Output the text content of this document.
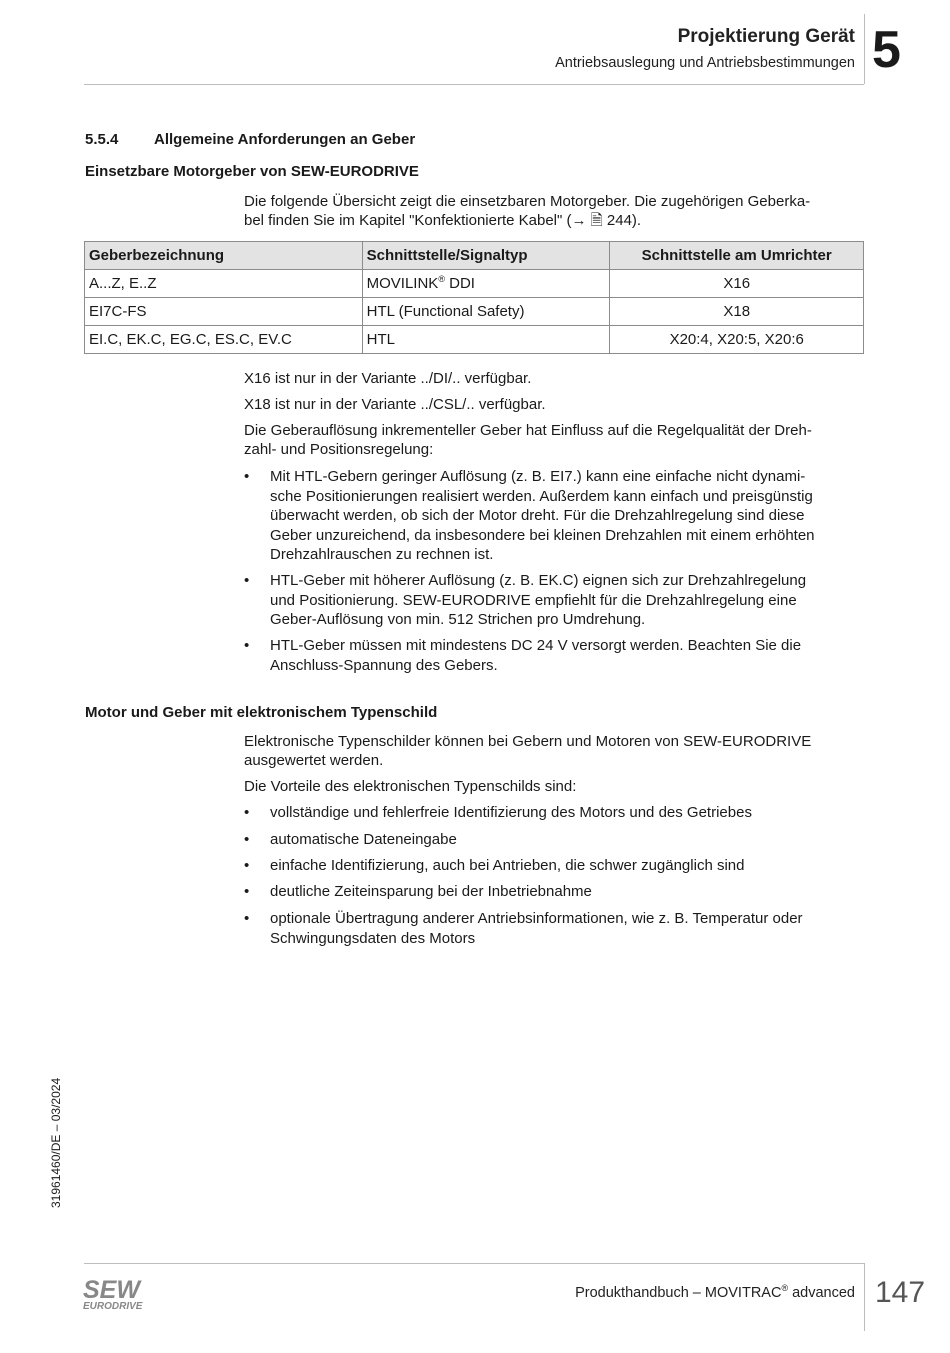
Projektierung Gerät
Antriebsauslegung und Antriebsbestimmungen 5
5.5.4 Allgemeine Anforderungen an Geber
Einsetzbare Motorgeber von SEW-EURODRIVE
Die folgende Übersicht zeigt die einsetzbaren Motorgeber. Die zugehörigen Geberka-
bel finden Sie im Kapitel "Konfektionierte Kabel" (→ 🗎 244).
Geberbezeichnung	Schnittstelle/Signaltyp	Schnittstelle am Umrichter
A...Z, E..Z	MOVILINK® DDI	X16
EI7C-FS	HTL (Functional Safety)	X18
EI.C, EK.C, EG.C, ES.C, EV.C	HTL	X20:4, X20:5, X20:6
X16 ist nur in der Variante ../DI/.. verfügbar.
X18 ist nur in der Variante ../CSL/.. verfügbar.
Die Geberauflösung inkrementeller Geber hat Einfluss auf die Regelqualität der Dreh-
zahl- und Positionsregelung:
• Mit HTL-Gebern geringer Auflösung (z. B. EI7.) kann eine einfache nicht dynami-
sche Positionierungen realisiert werden. Außerdem kann einfach und preisgünstig
überwacht werden, ob sich der Motor dreht. Für die Drehzahlregelung sind diese
Geber unzureichend, da insbesondere bei kleinen Drehzahlen mit einem erhöhten
Drehzahlrauschen zu rechnen ist.
• HTL-Geber mit höherer Auflösung (z. B. EK.C) eignen sich zur Drehzahlregelung
und Positionierung. SEW-EURODRIVE empfiehlt für die Drehzahlregelung eine
Geber-Auflösung von min. 512 Strichen pro Umdrehung.
• HTL-Geber müssen mit mindestens DC 24 V versorgt werden. Beachten Sie die
Anschluss-Spannung des Gebers.
Motor und Geber mit elektronischem Typenschild
Elektronische Typenschilder können bei Gebern und Motoren von SEW-EURODRIVE
ausgewertet werden.
Die Vorteile des elektronischen Typenschilds sind:
• vollständige und fehlerfreie Identifizierung des Motors und des Getriebes
• automatische Dateneingabe
• einfache Identifizierung, auch bei Antrieben, die schwer zugänglich sind
• deutliche Zeiteinsparung bei der Inbetriebnahme
• optionale Übertragung anderer Antriebsinformationen, wie z. B. Temperatur oder
Schwingungsdaten des Motors
31961460/DE – 03/2024
SEW
EURODRIVE
Produkthandbuch – MOVITRAC® advanced 147
